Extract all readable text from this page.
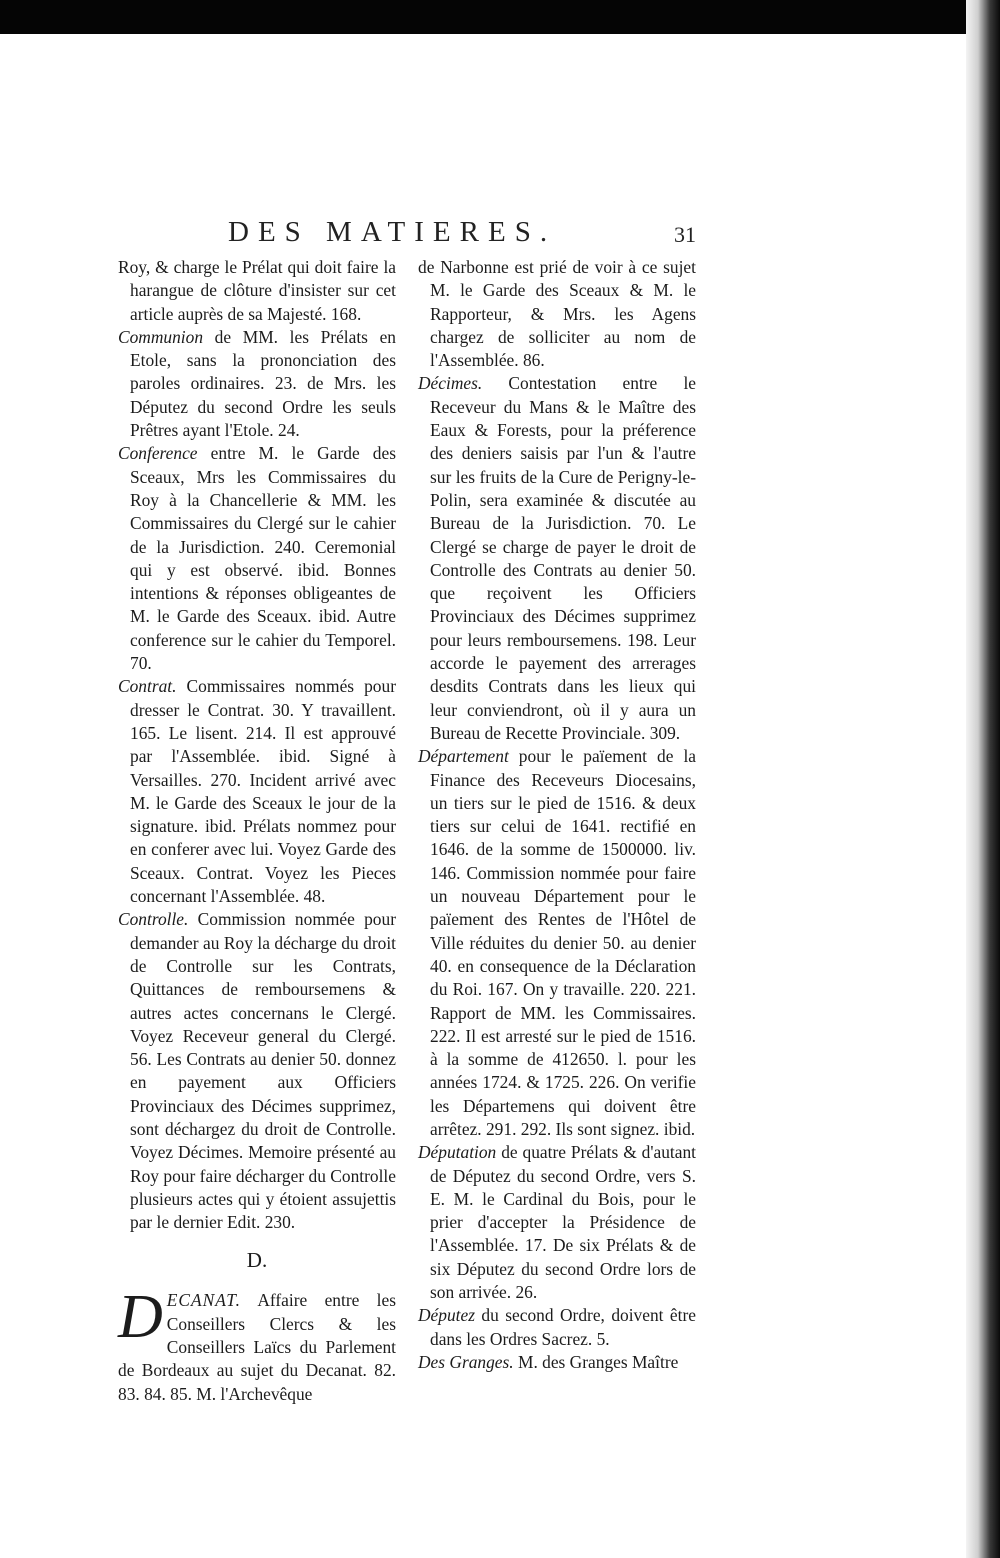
DES MATIERES.	31

Roy, & charge le Prélat qui doit faire la harangue de clôture d'insister sur cet article auprès de sa Majesté. 168.

Communion de MM. les Prélats en Etole, sans la prononciation des paroles ordinaires. 23. de Mrs. les Députez du second Ordre les seuls Prêtres ayant l'Etole. 24.

Conference entre M. le Garde des Sceaux, Mrs les Commissaires du Roy à la Chancellerie & MM. les Commissaires du Clergé sur le cahier de la Jurisdiction. 240. Ceremonial qui y est observé. ibid. Bonnes intentions & réponses obligeantes de M. le Garde des Sceaux. ibid. Autre conference sur le cahier du Temporel. 70.

Contrat. Commissaires nommés pour dresser le Contrat. 30. Y travaillent. 165. Le lisent. 214. Il est approuvé par l'Assemblée. ibid. Signé à Versailles. 270. Incident arrivé avec M. le Garde des Sceaux le jour de la signature. ibid. Prélats nommez pour en conferer avec lui. Voyez Garde des Sceaux. Contrat. Voyez les Pieces concernant l'Assemblée. 48.

Controlle. Commission nommée pour demander au Roy la décharge du droit de Controlle sur les Contrats, Quittances de remboursemens & autres actes concernans le Clergé. Voyez Receveur general du Clergé. 56. Les Contrats au denier 50. donnez en payement aux Officiers Provinciaux des Décimes supprimez, sont déchargez du droit de Controlle. Voyez Décimes. Memoire présenté au Roy pour faire décharger du Controlle plusieurs actes qui y étoient assujettis par le dernier Edit. 230.

D.

DECANAT. Affaire entre les Conseillers Clercs & les Conseillers Laïcs du Parlement de Bordeaux au sujet du Decanat. 82. 83. 84. 85. M. l'Archevêque

de Narbonne est prié de voir à ce sujet M. le Garde des Sceaux & M. le Rapporteur, & Mrs. les Agens chargez de solliciter au nom de l'Assemblée. 86.

Décimes. Contestation entre le Receveur du Mans & le Maître des Eaux & Forests, pour la préference des deniers saisis par l'un & l'autre sur les fruits de la Cure de Perigny-le-Polin, sera examinée & discutée au Bureau de la Jurisdiction. 70. Le Clergé se charge de payer le droit de Controlle des Contrats au denier 50. que reçoivent les Officiers Provinciaux des Décimes supprimez pour leurs remboursemens. 198. Leur accorde le payement des arrerages desdits Contrats dans les lieux qui leur conviendront, où il y aura un Bureau de Recette Provinciale. 309.

Département pour le païement de la Finance des Receveurs Diocesains, un tiers sur le pied de 1516. & deux tiers sur celui de 1641. rectifié en 1646. de la somme de 1500000. liv. 146. Commission nommée pour faire un nouveau Département pour le païement des Rentes de l'Hôtel de Ville réduites du denier 50. au denier 40. en consequence de la Déclaration du Roi. 167. On y travaille. 220. 221. Rapport de MM. les Commissaires. 222. Il est arresté sur le pied de 1516. à la somme de 412650. l. pour les années 1724. & 1725. 226. On verifie les Départemens qui doivent être arrêtez. 291. 292. Ils sont signez. ibid.

Députation de quatre Prélats & d'autant de Députez du second Ordre, vers S. E. M. le Cardinal du Bois, pour le prier d'accepter la Présidence de l'Assemblée. 17. De six Prélats & de six Députez du second Ordre lors de son arrivée. 26.

Députez du second Ordre, doivent être dans les Ordres Sacrez. 5.

Des Granges. M. des Granges Maître
